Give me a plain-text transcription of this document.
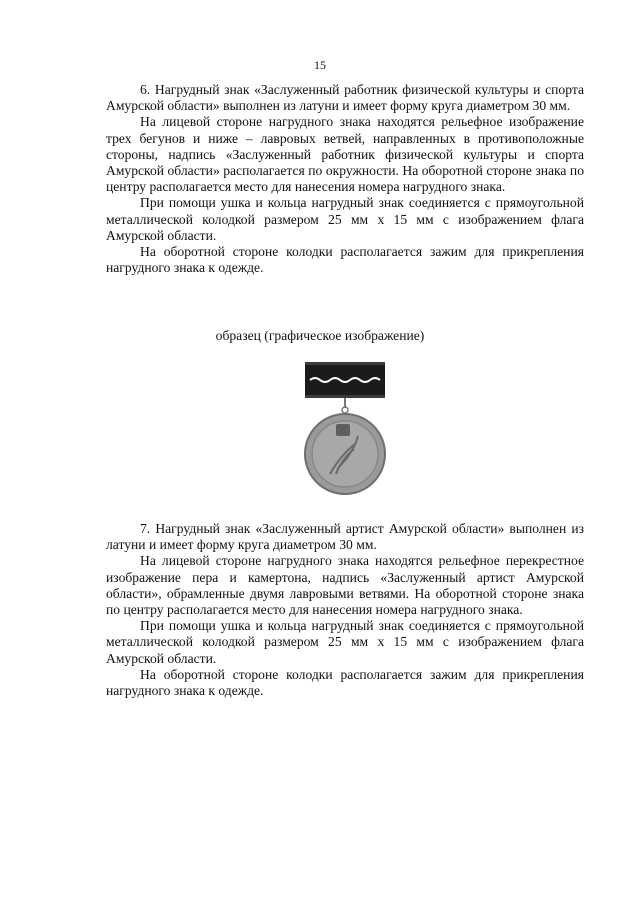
15

6. Нагрудный знак «Заслуженный работник физической культуры и спорта Амурской области» выполнен из латуни и имеет форму круга диаметром 30 мм.

На лицевой стороне нагрудного знака находятся рельефное изображение трех бегунов и ниже – лавровых ветвей, направленных в противоположные стороны, надпись «Заслуженный работник физической культуры и спорта Амурской области» располагается по окружности. На оборотной стороне знака по центру располагается место для нанесения номера нагрудного знака.

При помощи ушка и кольца нагрудный знак соединяется с прямоугольной металлической колодкой размером 25 мм х 15 мм с изображением флага Амурской области.

На оборотной стороне колодки располагается зажим для прикрепления нагрудного знака к одежде.

образец (графическое изображение)

7. Нагрудный знак «Заслуженный артист Амурской области» выполнен из латуни и имеет форму круга диаметром 30 мм.

На лицевой стороне нагрудного знака находятся рельефное перекрестное изображение пера и камертона, надпись «Заслуженный артист Амурской области», обрамленные двумя лавровыми ветвями. На оборотной стороне знака по центру располагается место для нанесения номера нагрудного знака.

При помощи ушка и кольца нагрудный знак соединяется с прямоугольной металлической колодкой размером 25 мм х 15 мм с изображением флага Амурской области.

На оборотной стороне колодки располагается зажим для прикрепления нагрудного знака к одежде.
